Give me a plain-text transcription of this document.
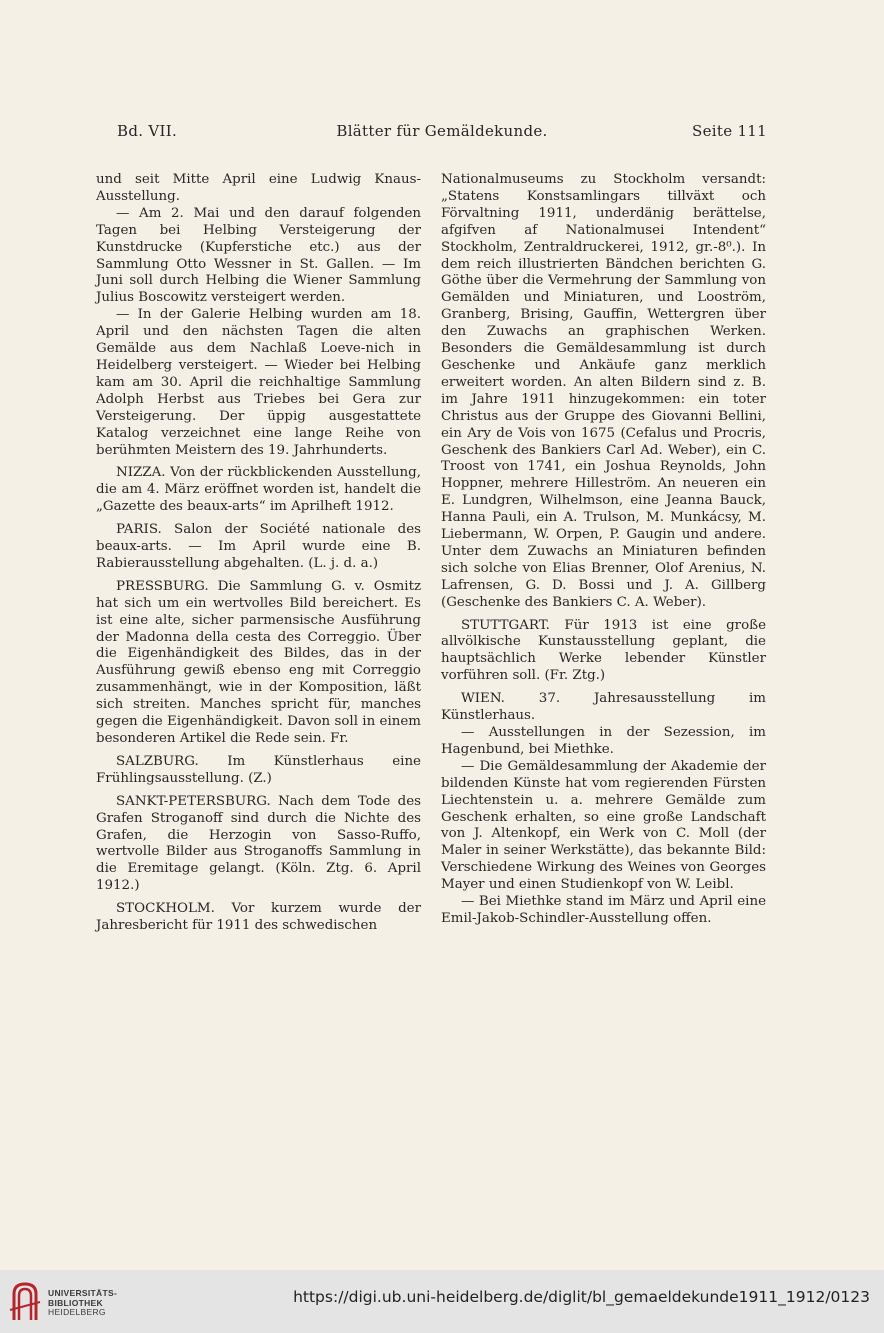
Bd. VII.	Blätter für Gemäldekunde.	Seite 111

und seit Mitte April eine Ludwig Knaus-Ausstellung.

— Am 2. Mai und den darauf folgenden Tagen bei Helbing Versteigerung der Kunstdrucke (Kupferstiche etc.) aus der Sammlung Otto Wessner in St. Gallen. — Im Juni soll durch Helbing die Wiener Sammlung Julius Boscowitz versteigert werden.

— In der Galerie Helbing wurden am 18. April und den nächsten Tagen die alten Gemälde aus dem Nachlaß Loeve-nich in Heidelberg versteigert. — Wieder bei Helbing kam am 30. April die reichhaltige Sammlung Adolph Herbst aus Triebes bei Gera zur Versteigerung. Der üppig ausgestattete Katalog verzeichnet eine lange Reihe von berühmten Meistern des 19. Jahrhunderts.

NIZZA. Von der rückblickenden Ausstellung, die am 4. März eröffnet worden ist, handelt die „Gazette des beaux-arts“ im Aprilheft 1912.

PARIS. Salon der Société nationale des beaux-arts. — Im April wurde eine B. Rabierausstellung abgehalten. (L. j. d. a.)

PRESSBURG. Die Sammlung G. v. Osmitz hat sich um ein wertvolles Bild bereichert. Es ist eine alte, sicher parmensische Ausführung der Madonna della cesta des Correggio. Über die Eigenhändigkeit des Bildes, das in der Ausführung gewiß ebenso eng mit Correggio zusammenhängt, wie in der Komposition, läßt sich streiten. Manches spricht für, manches gegen die Eigenhändigkeit. Davon soll in einem besonderen Artikel die Rede sein. Fr.

SALZBURG. Im Künstlerhaus eine Frühlingsausstellung. (Z.)

SANKT-PETERSBURG. Nach dem Tode des Grafen Stroganoff sind durch die Nichte des Grafen, die Herzogin von Sasso-Ruffo, wertvolle Bilder aus Stroganoffs Sammlung in die Eremitage gelangt. (Köln. Ztg. 6. April 1912.)

STOCKHOLM. Vor kurzem wurde der Jahresbericht für 1911 des schwedischen

Nationalmuseums zu Stockholm versandt: „Statens Konstsamlingars tillväxt och Förvaltning 1911, underdänig berättelse, afgifven af Nationalmusei Intendent“ Stockholm, Zentraldruckerei, 1912, gr.-8⁰.). In dem reich illustrierten Bändchen berichten G. Göthe über die Vermehrung der Sammlung von Gemälden und Miniaturen, und Looström, Granberg, Brising, Gauffin, Wettergren über den Zuwachs an graphischen Werken. Besonders die Gemäldesammlung ist durch Geschenke und Ankäufe ganz merklich erweitert worden. An alten Bildern sind z. B. im Jahre 1911 hinzugekommen: ein toter Christus aus der Gruppe des Giovanni Bellini, ein Ary de Vois von 1675 (Cefalus und Procris, Geschenk des Bankiers Carl Ad. Weber), ein C. Troost von 1741, ein Joshua Reynolds, John Hoppner, mehrere Hilleström. An neueren ein E. Lundgren, Wilhelmson, eine Jeanna Bauck, Hanna Pauli, ein A. Trulson, M. Munkácsy, M. Liebermann, W. Orpen, P. Gaugin und andere. Unter dem Zuwachs an Miniaturen befinden sich solche von Elias Brenner, Olof Arenius, N. Lafrensen, G. D. Bossi und J. A. Gillberg (Geschenke des Bankiers C. A. Weber).

STUTTGART. Für 1913 ist eine große allvölkische Kunstausstellung geplant, die hauptsächlich Werke lebender Künstler vorführen soll. (Fr. Ztg.)

WIEN. 37. Jahresausstellung im Künstlerhaus.

— Ausstellungen in der Sezession, im Hagenbund, bei Miethke.

— Die Gemäldesammlung der Akademie der bildenden Künste hat vom regierenden Fürsten Liechtenstein u. a. mehrere Gemälde zum Geschenk erhalten, so eine große Landschaft von J. Altenkopf, ein Werk von C. Moll (der Maler in seiner Werkstätte), das bekannte Bild: Verschiedene Wirkung des Weines von Georges Mayer und einen Studienkopf von W. Leibl.

— Bei Miethke stand im März und April eine Emil-Jakob-Schindler-Ausstellung offen.

UNIVERSITÄTS-
BIBLIOTHEK
HEIDELBERG
https://digi.ub.uni-heidelberg.de/diglit/bl_gemaeldekunde1911_1912/0123
